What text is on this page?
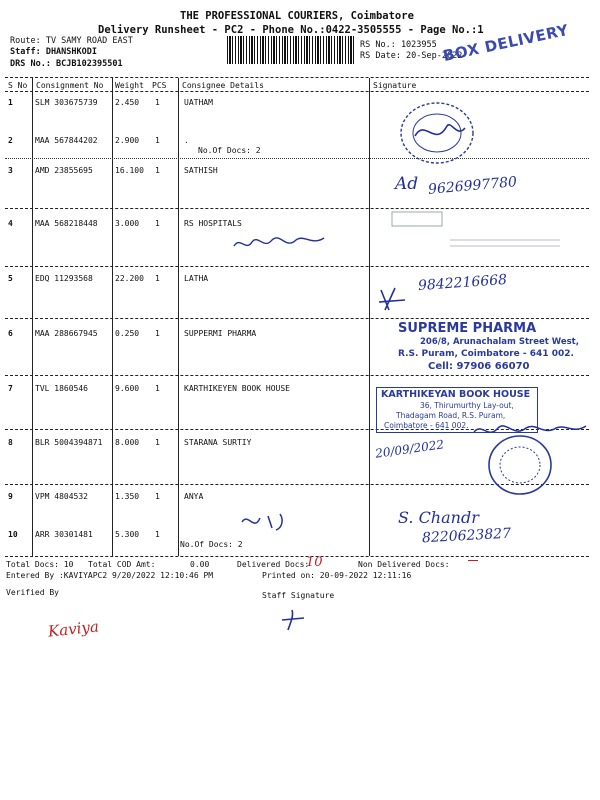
THE PROFESSIONAL COURIERS, Coimbatore
Delivery Runsheet - PC2 - Phone No.:0422-3505555 - Page No.:1
Route: TV SAMY ROAD EAST
Staff: DHANSHKODI
DRS No.: BCJB102395501
RS No.: 1023955
RS Date: 20-Sep-2022
BOX DELIVERY
S No Consignment No Weight PCS Consignee Details	Signature
1	SLM 303675739 2.450 1	UATHAM
2	MAA 567844202 2.900 1	.
No.Of Docs: 2
3	AMD 23855695	16.100 1	SATHISH
4	MAA 568218448 3.000 1	RS HOSPITALS
5	EDQ 11293568	22.200 1	LATHA
6	MAA 288667945 0.250 1	SUPPERMI PHARMA
7	TVL 1860546	9.600 1	KARTHIKEYEN BOOK HOUSE
8	BLR 5004394871 8.000 1	STARANA SURTIY
9	VPM 4804532	1.350 1	ANYA
10 ARR 30301481	5.300 1
No.Of Docs: 2
Total Docs: 10 Total COD Amt:	0.00	Delivered Docs:
10	Non Delivered Docs:
Entered By :KAVIYAPC2 9/20/2022 12:10:46 PM	Printed on: 20-09-2022 12:11:16
Verified By	Staff Signature
Kaviya
Ad 9626997780
9842216668
SUPREME PHARMA
206/8, Arunachalam Street West,
R.S. Puram, Coimbatore - 641 002.
Cell: 97906 66070
KARTHIKEYAN BOOK HOUSE
36, Thirumurthy Lay-out,
Thadagam Road, R.S. Puram,
Coimbatore - 641 002.
20/09/2022
S. Chandr
8220623827
